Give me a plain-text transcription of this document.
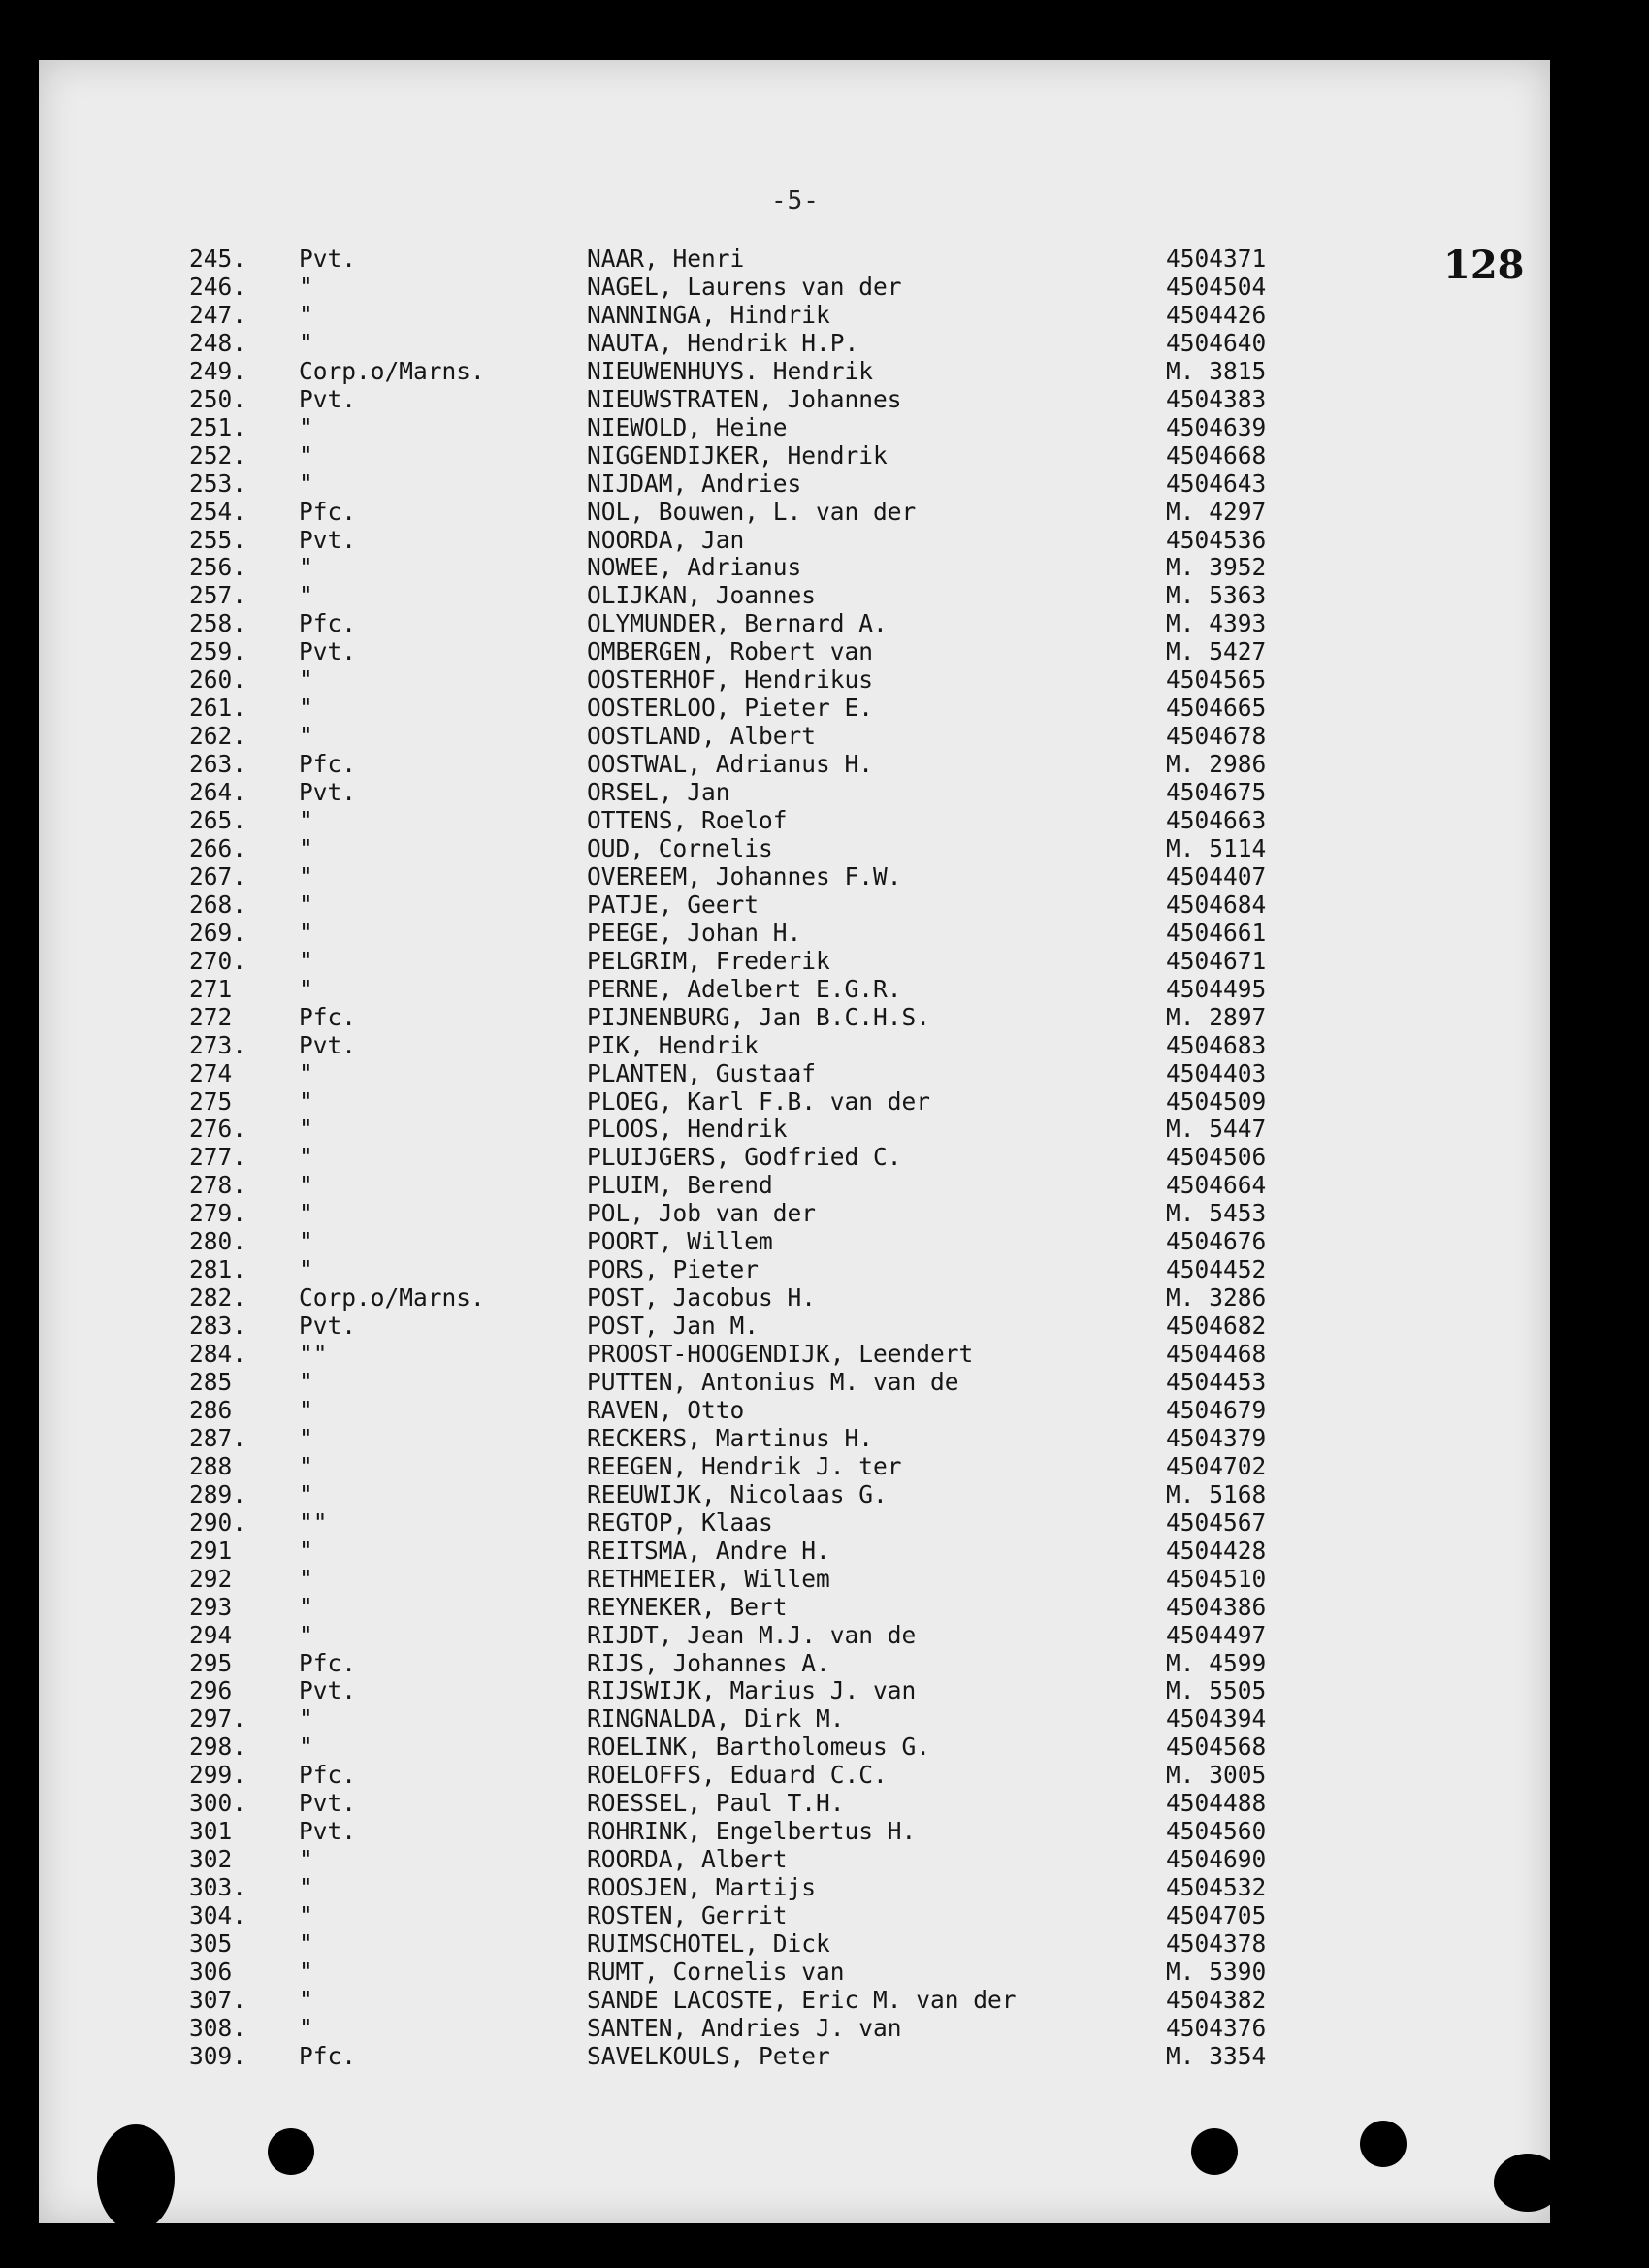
-5-
128
245. Pvt.	NAAR, Henri	4504371
246. "	NAGEL, Laurens van der	4504504
247. "	NANNINGA, Hindrik	4504426
248. "	NAUTA, Hendrik H.P.	4504640
249. Corp.o/Marns.	NIEUWENHUYS. Hendrik	M. 3815
250. Pvt.	NIEUWSTRATEN, Johannes	4504383
251. "	NIEWOLD, Heine	4504639
252. "	NIGGENDIJKER, Hendrik	4504668
253. "	NIJDAM, Andries	4504643
254. Pfc.	NOL, Bouwen, L. van der	M. 4297
255. Pvt.	NOORDA, Jan	4504536
256. "	NOWEE, Adrianus	M. 3952
257. "	OLIJKAN, Joannes	M. 5363
258. Pfc.	OLYMUNDER, Bernard A.	M. 4393
259. Pvt.	OMBERGEN, Robert van	M. 5427
260. "	OOSTERHOF, Hendrikus	4504565
261. "	OOSTERLOO, Pieter E.	4504665
262. "	OOSTLAND, Albert	4504678
263. Pfc.	OOSTWAL, Adrianus H.	M. 2986
264. Pvt.	ORSEL, Jan	4504675
265. "	OTTENS, Roelof	4504663
266. "	OUD, Cornelis	M. 5114
267. "	OVEREEM, Johannes F.W.	4504407
268. "	PATJE, Geert	4504684
269. "	PEEGE, Johan H.	4504661
270. "	PELGRIM, Frederik	4504671
271	"	PERNE, Adelbert E.G.R.	4504495
272	Pfc.	PIJNENBURG, Jan B.C.H.S.	M. 2897
273. Pvt.	PIK, Hendrik	4504683
274	"	PLANTEN, Gustaaf	4504403
275	"	PLOEG, Karl F.B. van der	4504509
276. "	PLOOS, Hendrik	M. 5447
277. "	PLUIJGERS, Godfried C.	4504506
278. "	PLUIM, Berend	4504664
279. "	POL, Job van der	M. 5453
280. "	POORT, Willem	4504676
281. "	PORS, Pieter	4504452
282. Corp.o/Marns.	POST, Jacobus H.	M. 3286
283. Pvt.	POST, Jan M.	4504682
284. ""	PROOST-HOOGENDIJK, Leendert	4504468
285	"	PUTTEN, Antonius M. van de	4504453
286	"	RAVEN, Otto	4504679
287. "	RECKERS, Martinus H.	4504379
288	"	REEGEN, Hendrik J. ter	4504702
289. "	REEUWIJK, Nicolaas G.	M. 5168
290. ""	REGTOP, Klaas	4504567
291	"	REITSMA, Andre H.	4504428
292	"	RETHMEIER, Willem	4504510
293	"	REYNEKER, Bert	4504386
294	"	RIJDT, Jean M.J. van de	4504497
295	Pfc.	RIJS, Johannes A.	M. 4599
296	Pvt.	RIJSWIJK, Marius J. van	M. 5505
297. "	RINGNALDA, Dirk M.	4504394
298. "	ROELINK, Bartholomeus G.	4504568
299. Pfc.	ROELOFFS, Eduard C.C.	M. 3005
300. Pvt.	ROESSEL, Paul T.H.	4504488
301	Pvt.	ROHRINK, Engelbertus H.	4504560
302	"	ROORDA, Albert	4504690
303. "	ROOSJEN, Martijs	4504532
304. "	ROSTEN, Gerrit	4504705
305	"	RUIMSCHOTEL, Dick	4504378
306	"	RUMT, Cornelis van	M. 5390
307. "	SANDE LACOSTE, Eric M. van der	4504382
308. "	SANTEN, Andries J. van	4504376
309. Pfc.	SAVELKOULS, Peter	M. 3354
